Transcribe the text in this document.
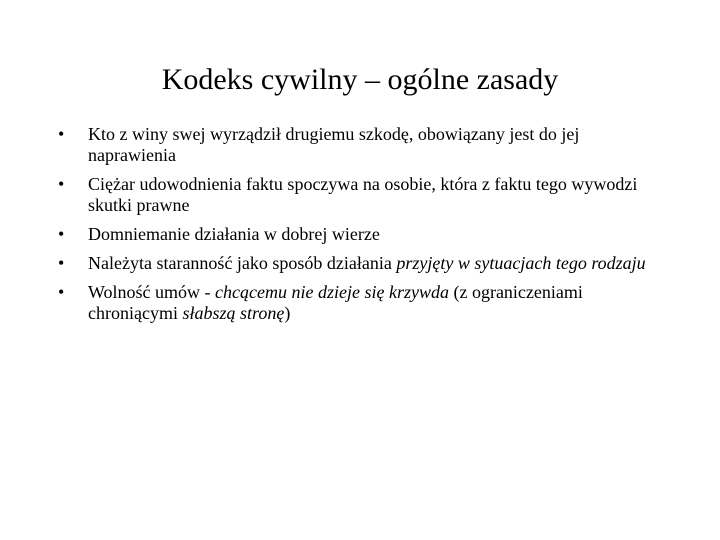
Kodeks cywilny – ogólne zasady
•	Kto z winy swej wyrządził drugiemu szkodę, obowiązany jest do jej naprawienia
•	Ciężar udowodnienia faktu spoczywa na osobie, która z faktu tego wywodzi skutki prawne
•	Domniemanie działania w dobrej wierze
•	Należyta staranność jako sposób działania przyjęty w sytuacjach tego rodzaju
•	Wolność umów - chcącemu nie dzieje się krzywda (z ograniczeniami chroniącymi słabszą stronę)
